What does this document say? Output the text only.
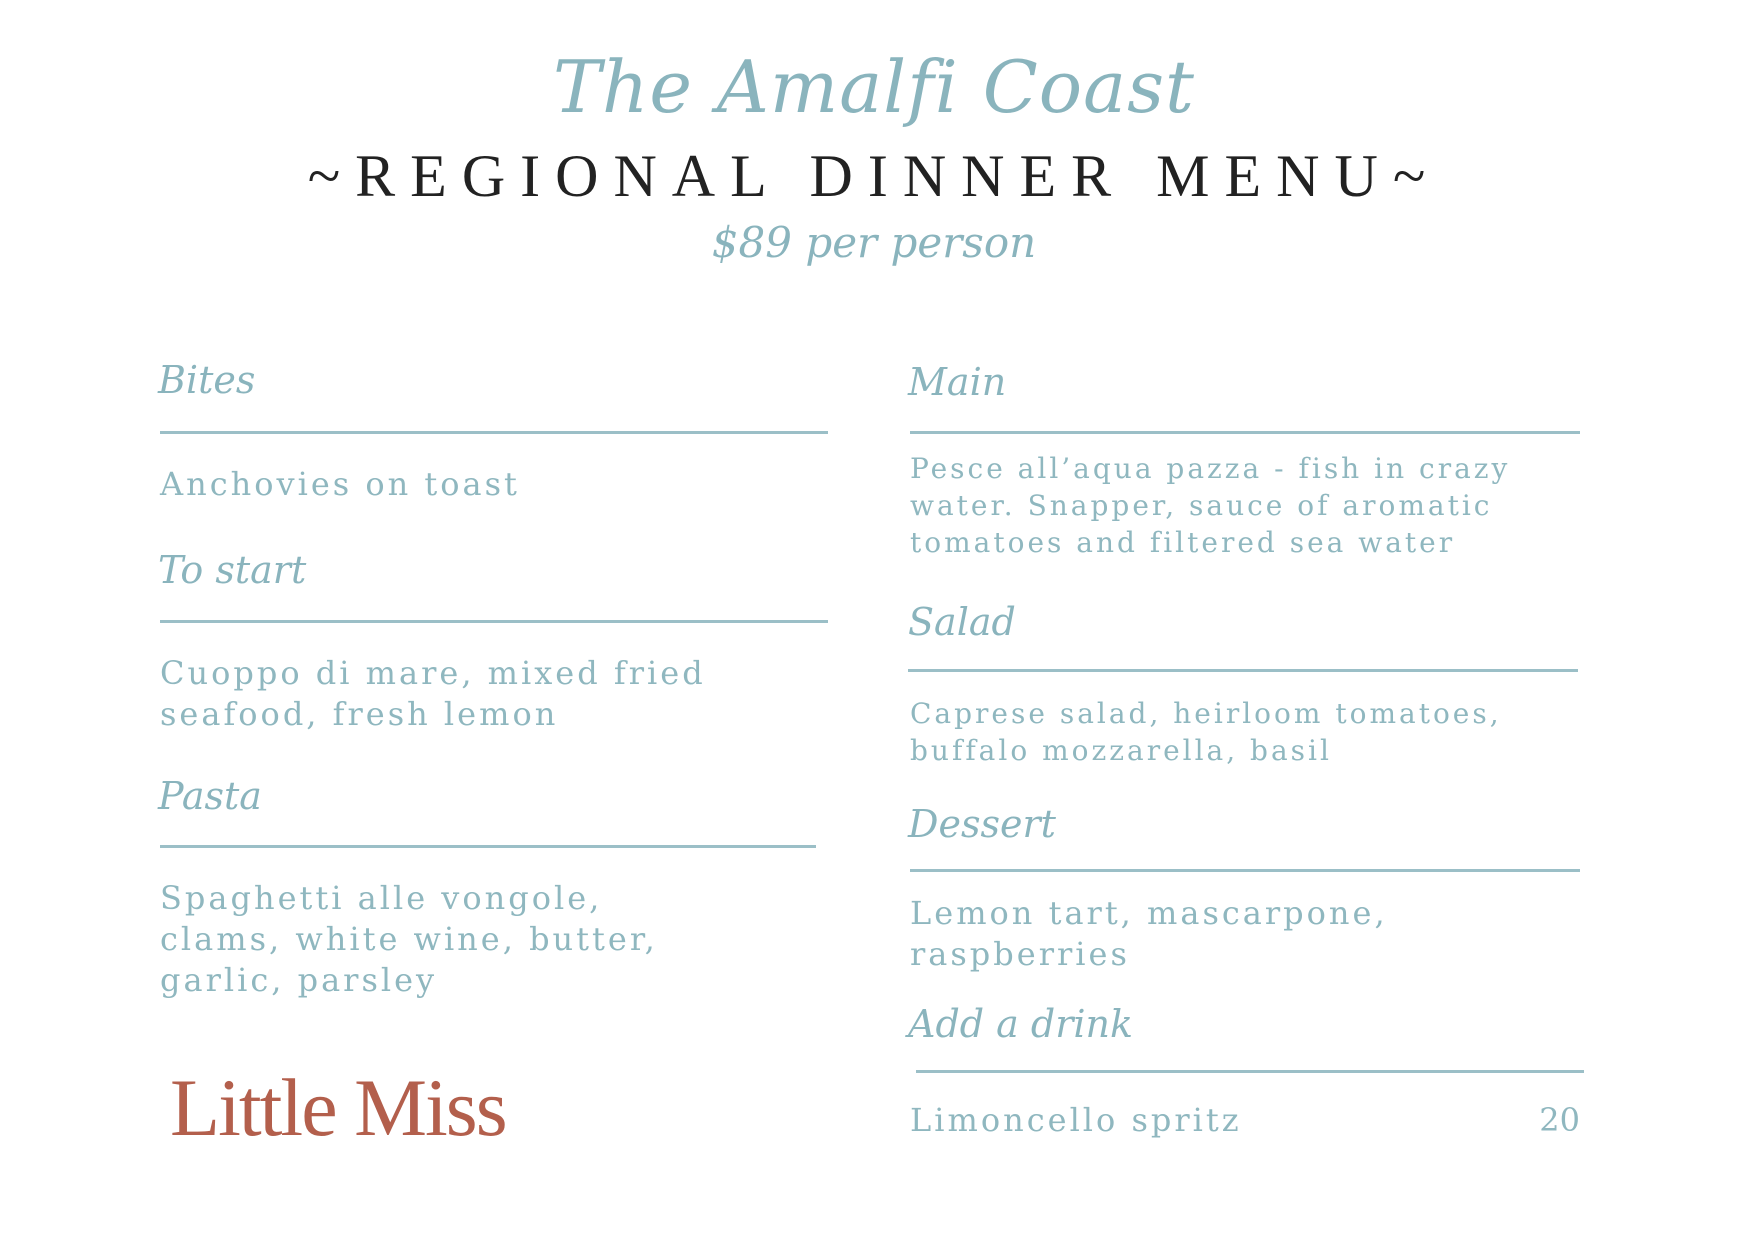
The Amalfi Coast
~REGIONAL DINNER MENU~
$89 per person
Bites

Anchovies on toast

To start

Cuoppo di mare, mixed fried

seafood, fresh lemon

Pasta

Spaghetti alle vongole,

clams, white wine, butter,

garlic, parsley

Little Miss
Main

Pesce all’aqua pazza - fish in crazy

water. Snapper, sauce of aromatic

tomatoes and filtered sea water

Salad

Caprese salad, heirloom tomatoes,

buffalo mozzarella, basil

Dessert

Lemon tart, mascarpone,

raspberries

Add a drink

Limoncello spritz	20
